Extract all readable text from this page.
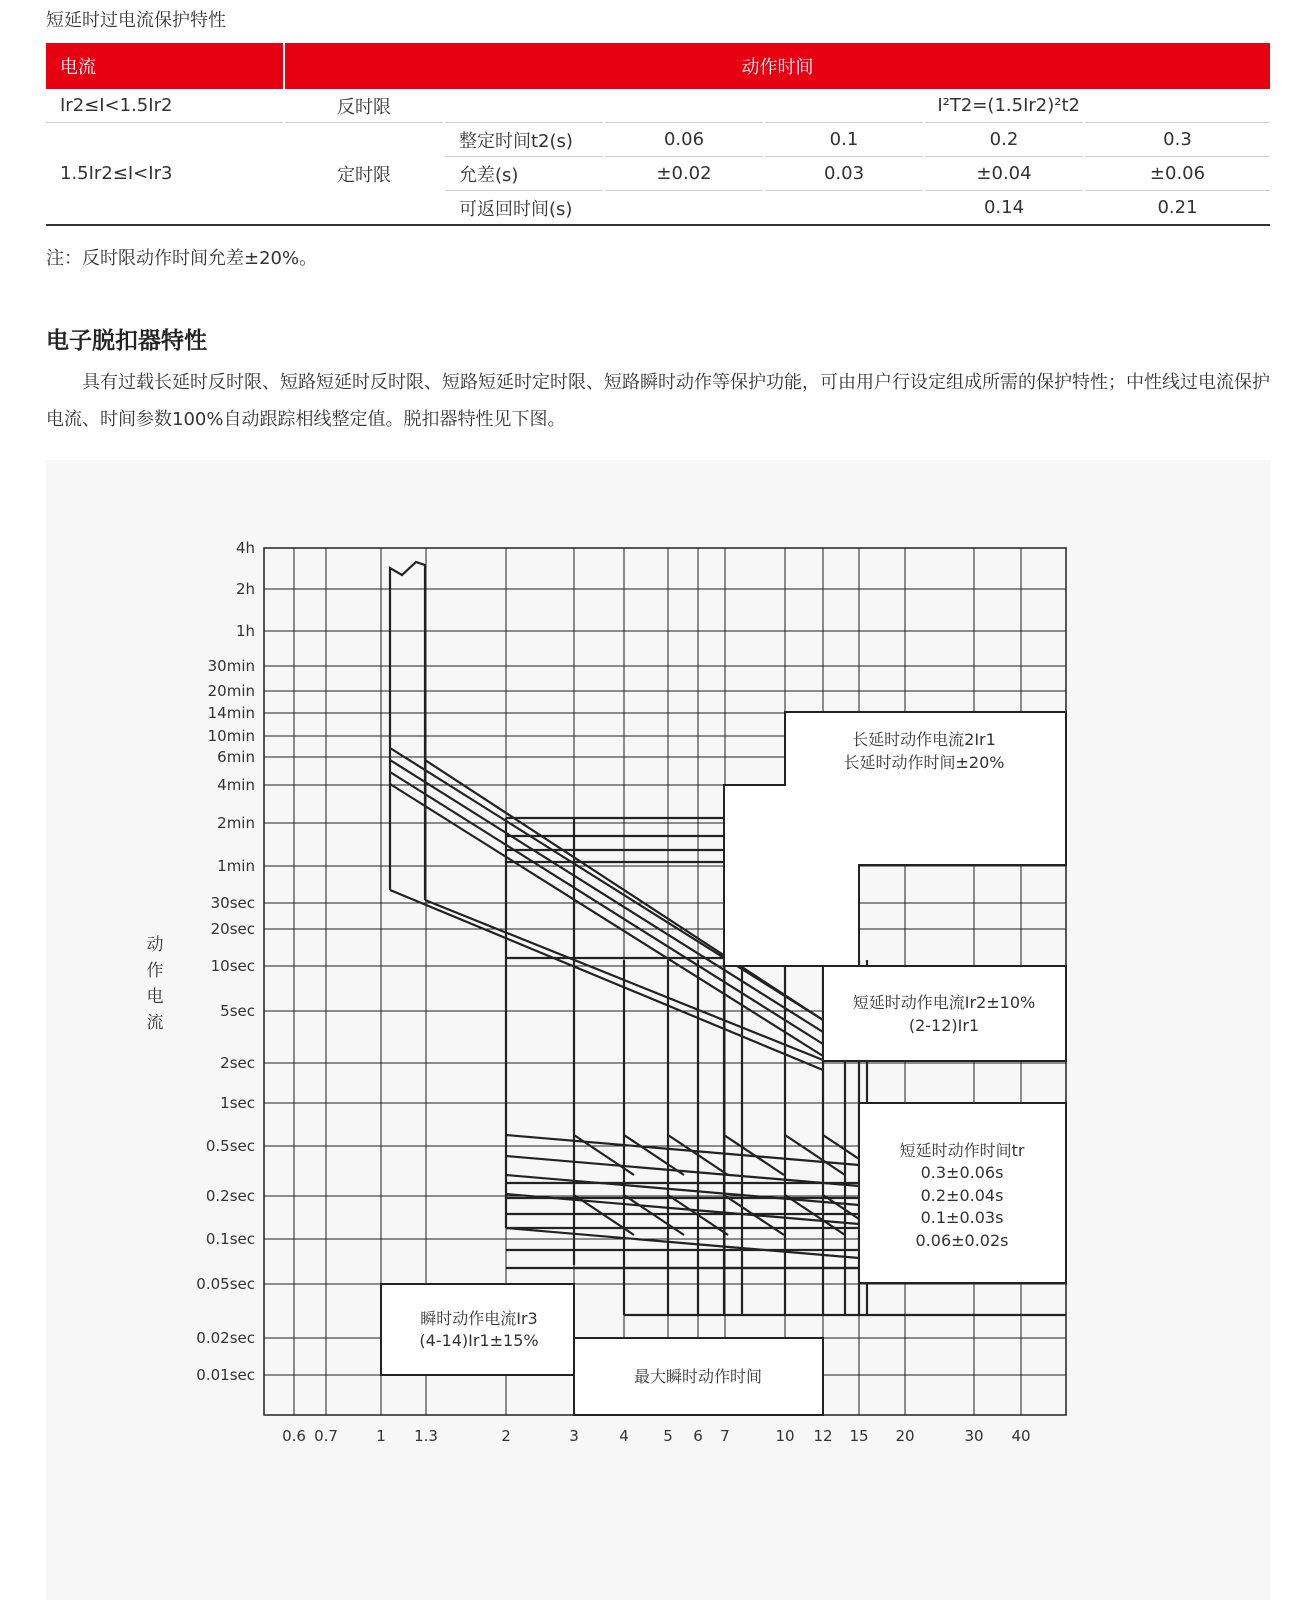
短延时过电流保护特性
电流	动作时间					
Ir2≤I<1.5Ir2	反时限	I²T2=(1.5Ir2)²t2				
1.5Ir2≤I<Ir3	定时限	整定时间t2(s)	0.06	0.1	0.2	0.3
		允差(s)	±0.02	0.03	±0.04	±0.06
		可返回时间(s)			0.14	0.21
注：反时限动作时间允差±20%。
电子脱扣器特性
具有过载长延时反时限、短路短延时反时限、短路短延时定时限、短路瞬时动作等保护功能，可由用户行设定组成所需的保护特性；中性线过电流保护电流、时间参数100%自动跟踪相线整定值。脱扣器特性见下图。
0.6 0.7	1 1.3	2	3	4 5 6 7	10 12 15 20	30 40
4h
2h
1h
30min
20min
14min
10min
6min
4min
2min
1min
30sec
20sec
10sec
5sec
2sec
1sec
0.5sec
0.2sec
0.1sec
0.05sec
0.02sec
0.01sec
动
作
电
流
长延时动作电流2Ir1
长延时动作时间±20%
短延时动作电流Ir2±10%
(2-12)Ir1
短延时动作时间tr
0.3±0.06s
0.2±0.04s
0.1±0.03s
0.06±0.02s
瞬时动作电流Ir3
(4-14)Ir1±15%
最大瞬时动作时间
